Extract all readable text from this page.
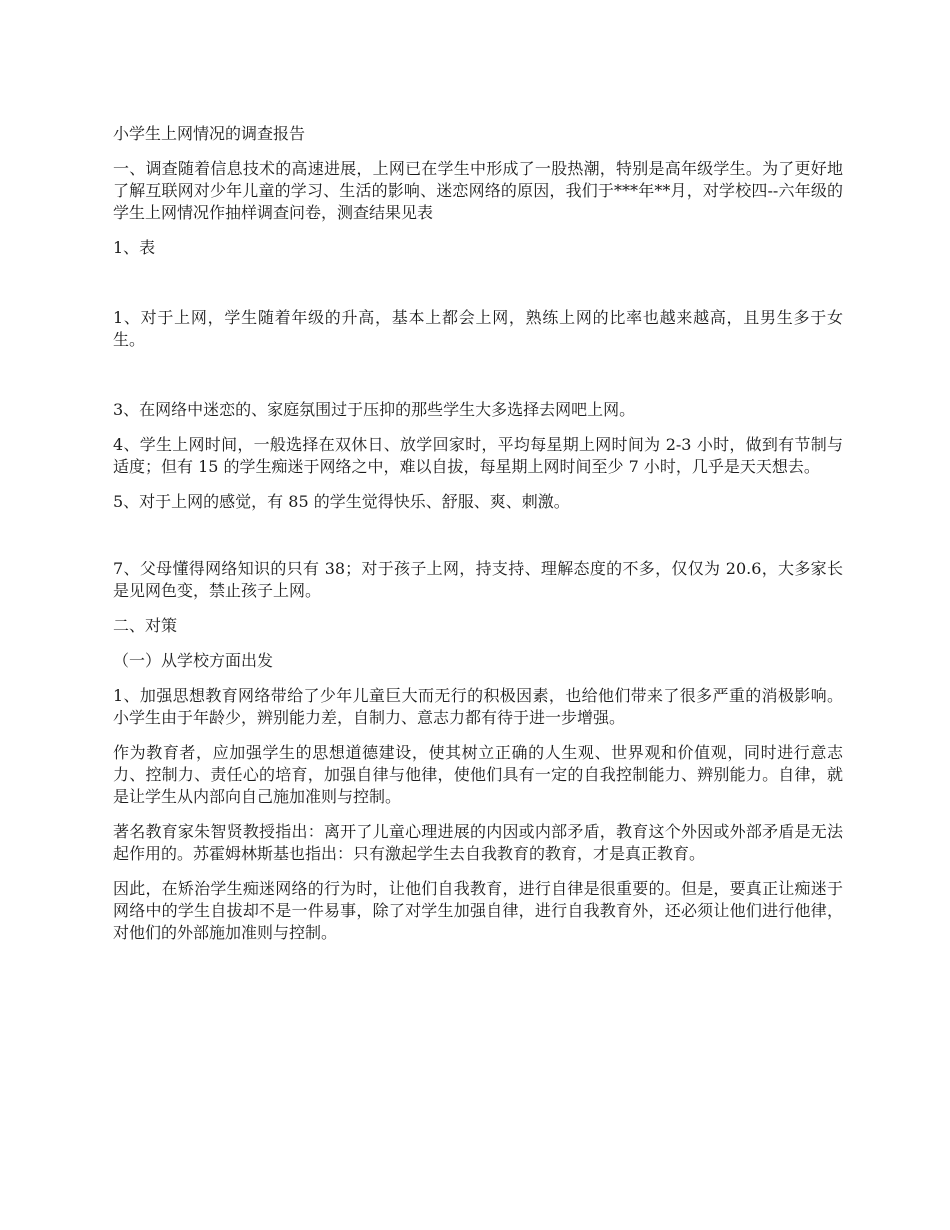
小学生上网情况的调查报告

一、调查随着信息技术的高速进展，上网已在学生中形成了一股热潮，特别是高年级学生。为了更好地了解互联网对少年儿童的学习、生活的影响、迷恋网络的原因，我们于***年**月，对学校四--六年级的学生上网情况作抽样调查问卷，测查结果见表

1、表

1、对于上网，学生随着年级的升高，基本上都会上网，熟练上网的比率也越来越高，且男生多于女生。

3、在网络中迷恋的、家庭氛围过于压抑的那些学生大多选择去网吧上网。

4、学生上网时间，一般选择在双休日、放学回家时，平均每星期上网时间为 2-3 小时，做到有节制与适度；但有 15 的学生痴迷于网络之中，难以自拔，每星期上网时间至少 7 小时，几乎是天天想去。

5、对于上网的感觉，有 85 的学生觉得快乐、舒服、爽、刺激。

7、父母懂得网络知识的只有 38；对于孩子上网，持支持、理解态度的不多，仅仅为 20.6，大多家长是见网色变，禁止孩子上网。

二、对策

（一）从学校方面出发

1、加强思想教育网络带给了少年儿童巨大而无行的积极因素，也给他们带来了很多严重的消极影响。小学生由于年龄少，辨别能力差，自制力、意志力都有待于进一步增强。

作为教育者，应加强学生的思想道德建设，使其树立正确的人生观、世界观和价值观，同时进行意志力、控制力、责任心的培育，加强自律与他律，使他们具有一定的自我控制能力、辨别能力。自律，就是让学生从内部向自己施加准则与控制。

著名教育家朱智贤教授指出：离开了儿童心理进展的内因或内部矛盾，教育这个外因或外部矛盾是无法起作用的。苏霍姆林斯基也指出：只有激起学生去自我教育的教育，才是真正教育。

因此，在矫治学生痴迷网络的行为时，让他们自我教育，进行自律是很重要的。但是，要真正让痴迷于网络中的学生自拔却不是一件易事，除了对学生加强自律，进行自我教育外，还必须让他们进行他律，对他们的外部施加准则与控制。
